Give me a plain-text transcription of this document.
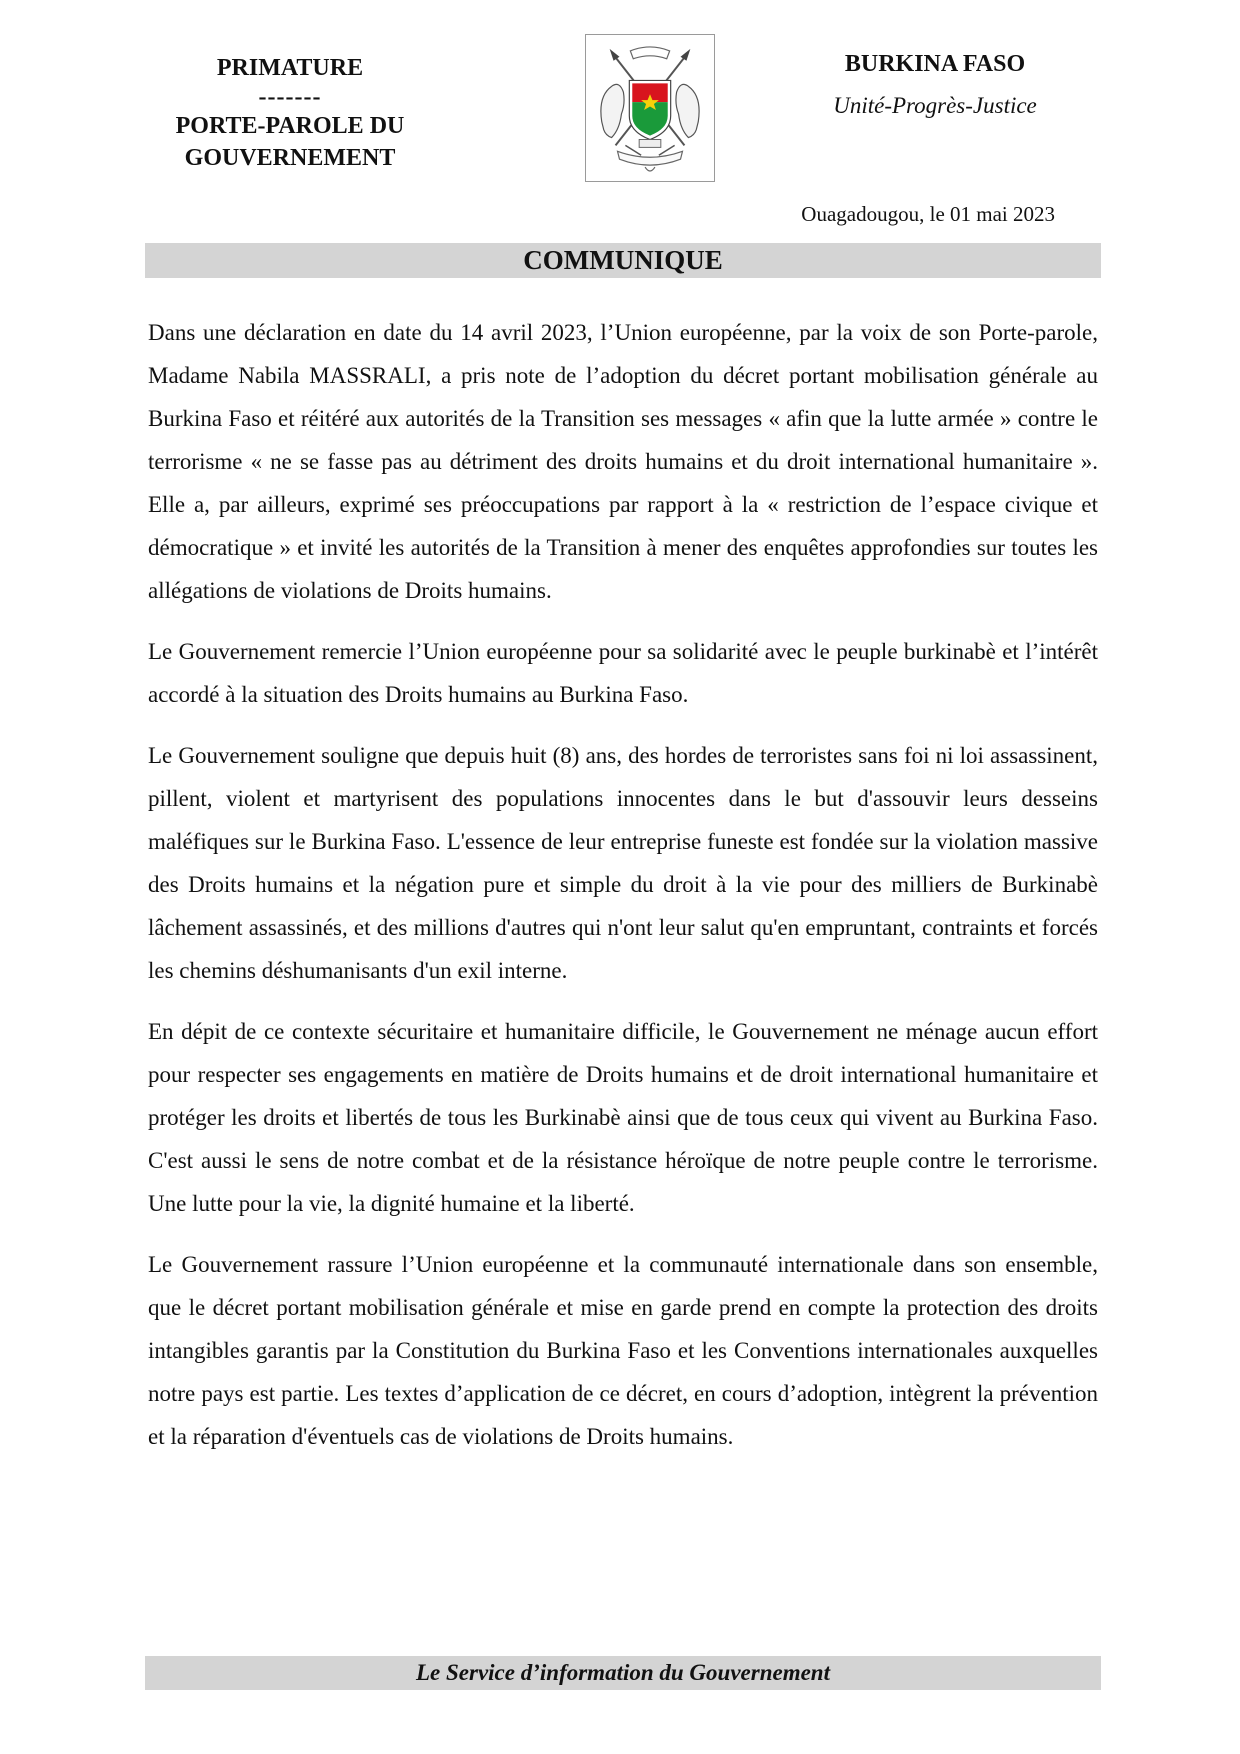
PRIMATURE
-------
PORTE-PAROLE DU
GOUVERNEMENT
BURKINA FASO
Unité-Progrès-Justice
Ouagadougou, le 01 mai 2023
COMMUNIQUE

Dans une déclaration en date du 14 avril 2023, l’Union européenne, par la voix de son Porte-parole, Madame Nabila MASSRALI, a pris note de l’adoption du décret portant mobilisation générale au Burkina Faso et réitéré aux autorités de la Transition ses messages « afin que la lutte armée » contre le terrorisme « ne se fasse pas au détriment des droits humains et du droit international humanitaire ». Elle a, par ailleurs, exprimé ses préoccupations par rapport à la « restriction de l’espace civique et démocratique » et invité les autorités de la Transition à mener des enquêtes approfondies sur toutes les allégations de violations de Droits humains.

Le Gouvernement remercie l’Union européenne pour sa solidarité avec le peuple burkinabè et l’intérêt accordé à la situation des Droits humains au Burkina Faso.

Le Gouvernement souligne que depuis huit (8) ans, des hordes de terroristes sans foi ni loi assassinent, pillent, violent et martyrisent des populations innocentes dans le but d'assouvir leurs desseins maléfiques sur le Burkina Faso. L'essence de leur entreprise funeste est fondée sur la violation massive des Droits humains et la négation pure et simple du droit à la vie pour des milliers de Burkinabè lâchement assassinés, et des millions d'autres qui n'ont leur salut qu'en empruntant, contraints et forcés les chemins déshumanisants d'un exil interne.

En dépit de ce contexte sécuritaire et humanitaire difficile, le Gouvernement ne ménage aucun effort pour respecter ses engagements en matière de Droits humains et de droit international humanitaire et protéger les droits et libertés de tous les Burkinabè ainsi que de tous ceux qui vivent au Burkina Faso. C'est aussi le sens de notre combat et de la résistance héroïque de notre peuple contre le terrorisme. Une lutte pour la vie, la dignité humaine et la liberté.

Le Gouvernement rassure l’Union européenne et la communauté internationale dans son ensemble, que le décret portant mobilisation générale et mise en garde prend en compte la protection des droits intangibles garantis par la Constitution du Burkina Faso et les Conventions internationales auxquelles notre pays est partie. Les textes d’application de ce décret, en cours d’adoption, intègrent la prévention et la réparation d'éventuels cas de violations de Droits humains.

Le Service d’information du Gouvernement
